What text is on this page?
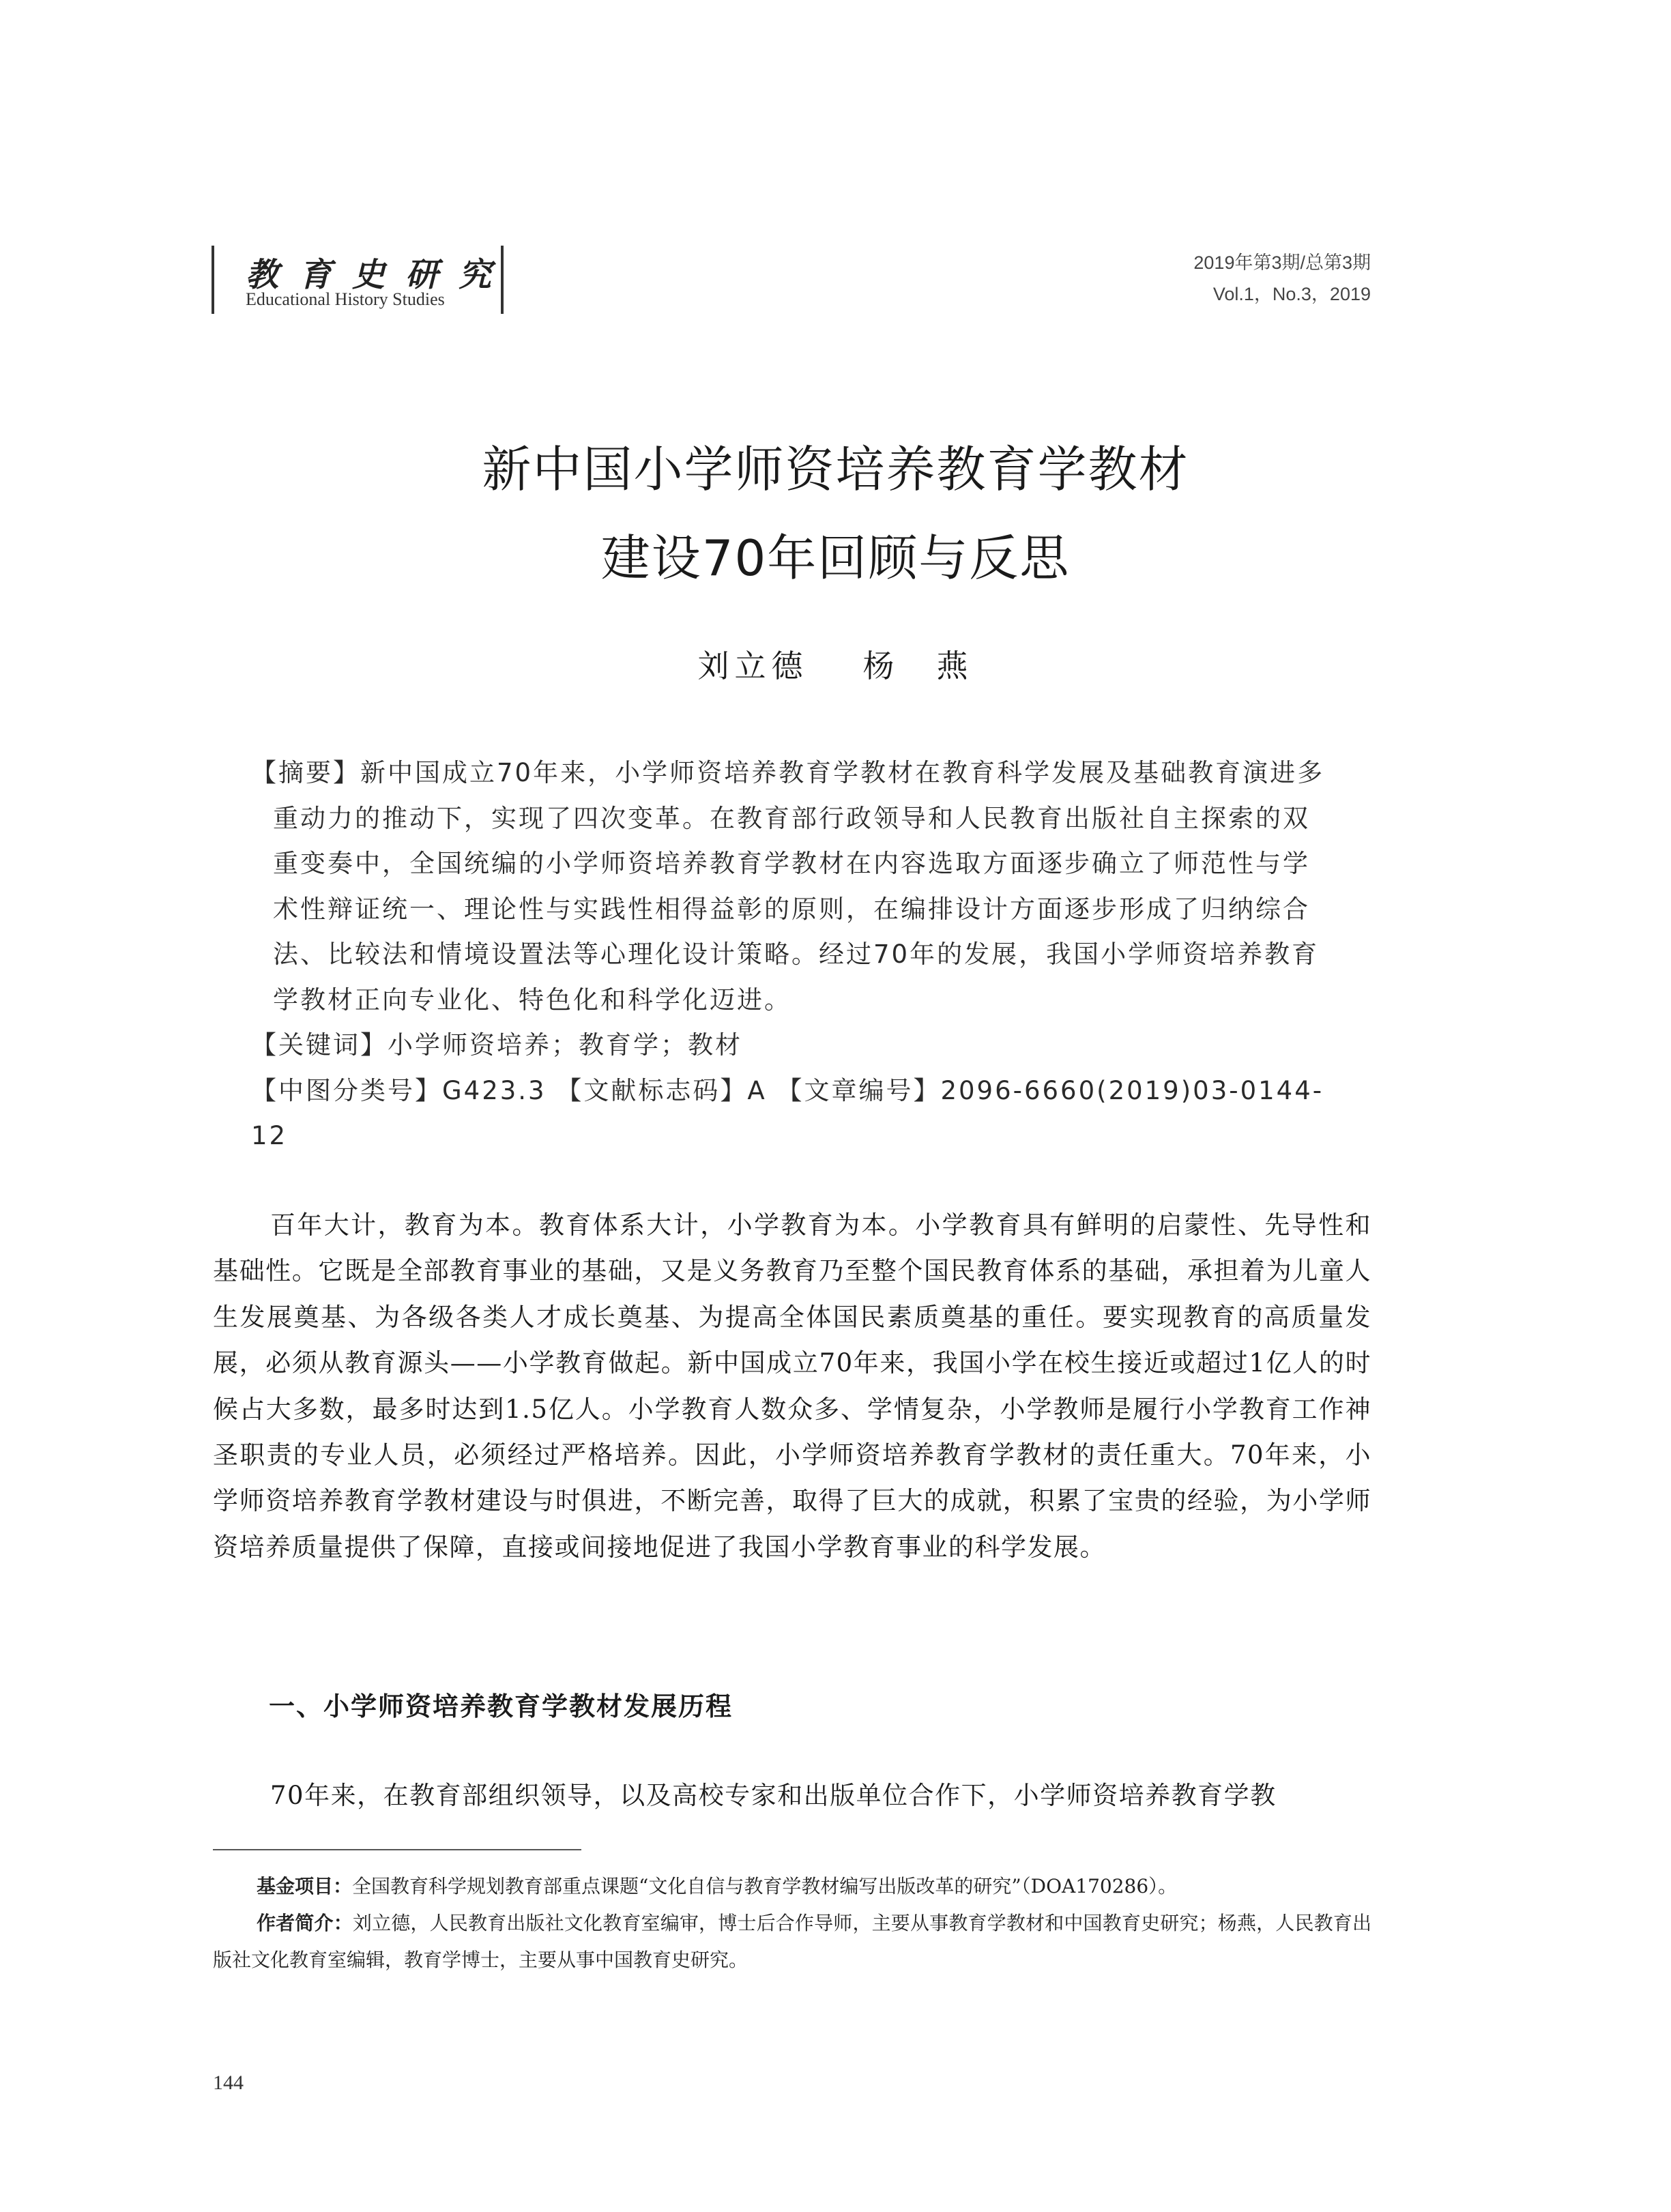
教育史研究
Educational History Studies
2019年第3期/总第3期
Vol.1，No.3，2019
新中国小学师资培养教育学教材
建设70年回顾与反思
刘立德 杨　燕

【摘要】新中国成立70年来，小学师资培养教育学教材在教育科学发展及基础教育演进多重动力的推动下，实现了四次变革。在教育部行政领导和人民教育出版社自主探索的双重变奏中，全国统编的小学师资培养教育学教材在内容选取方面逐步确立了师范性与学术性辩证统一、理论性与实践性相得益彰的原则，在编排设计方面逐步形成了归纳综合法、比较法和情境设置法等心理化设计策略。经过70年的发展，我国小学师资培养教育学教材正向专业化、特色化和科学化迈进。

【关键词】小学师资培养；教育学；教材

【中图分类号】G423.3 【文献标志码】A 【文章编号】2096-6660(2019)03-0144-12

百年大计，教育为本。教育体系大计，小学教育为本。小学教育具有鲜明的启蒙性、先导性和基础性。它既是全部教育事业的基础，又是义务教育乃至整个国民教育体系的基础，承担着为儿童人生发展奠基、为各级各类人才成长奠基、为提高全体国民素质奠基的重任。要实现教育的高质量发展，必须从教育源头——小学教育做起。新中国成立70年来，我国小学在校生接近或超过1亿人的时候占大多数，最多时达到1.5亿人。小学教育人数众多、学情复杂，小学教师是履行小学教育工作神圣职责的专业人员，必须经过严格培养。因此，小学师资培养教育学教材的责任重大。70年来，小学师资培养教育学教材建设与时俱进，不断完善，取得了巨大的成就，积累了宝贵的经验，为小学师资培养质量提供了保障，直接或间接地促进了我国小学教育事业的科学发展。

一、小学师资培养教育学教材发展历程
70年来，在教育部组织领导，以及高校专家和出版单位合作下，小学师资培养教育学教

基金项目：全国教育科学规划教育部重点课题“文化自信与教育学教材编写出版改革的研究”（DOA170286）。

作者简介：刘立德，人民教育出版社文化教育室编审，博士后合作导师，主要从事教育学教材和中国教育史研究；杨燕，人民教育出版社文化教育室编辑，教育学博士，主要从事中国教育史研究。

144
